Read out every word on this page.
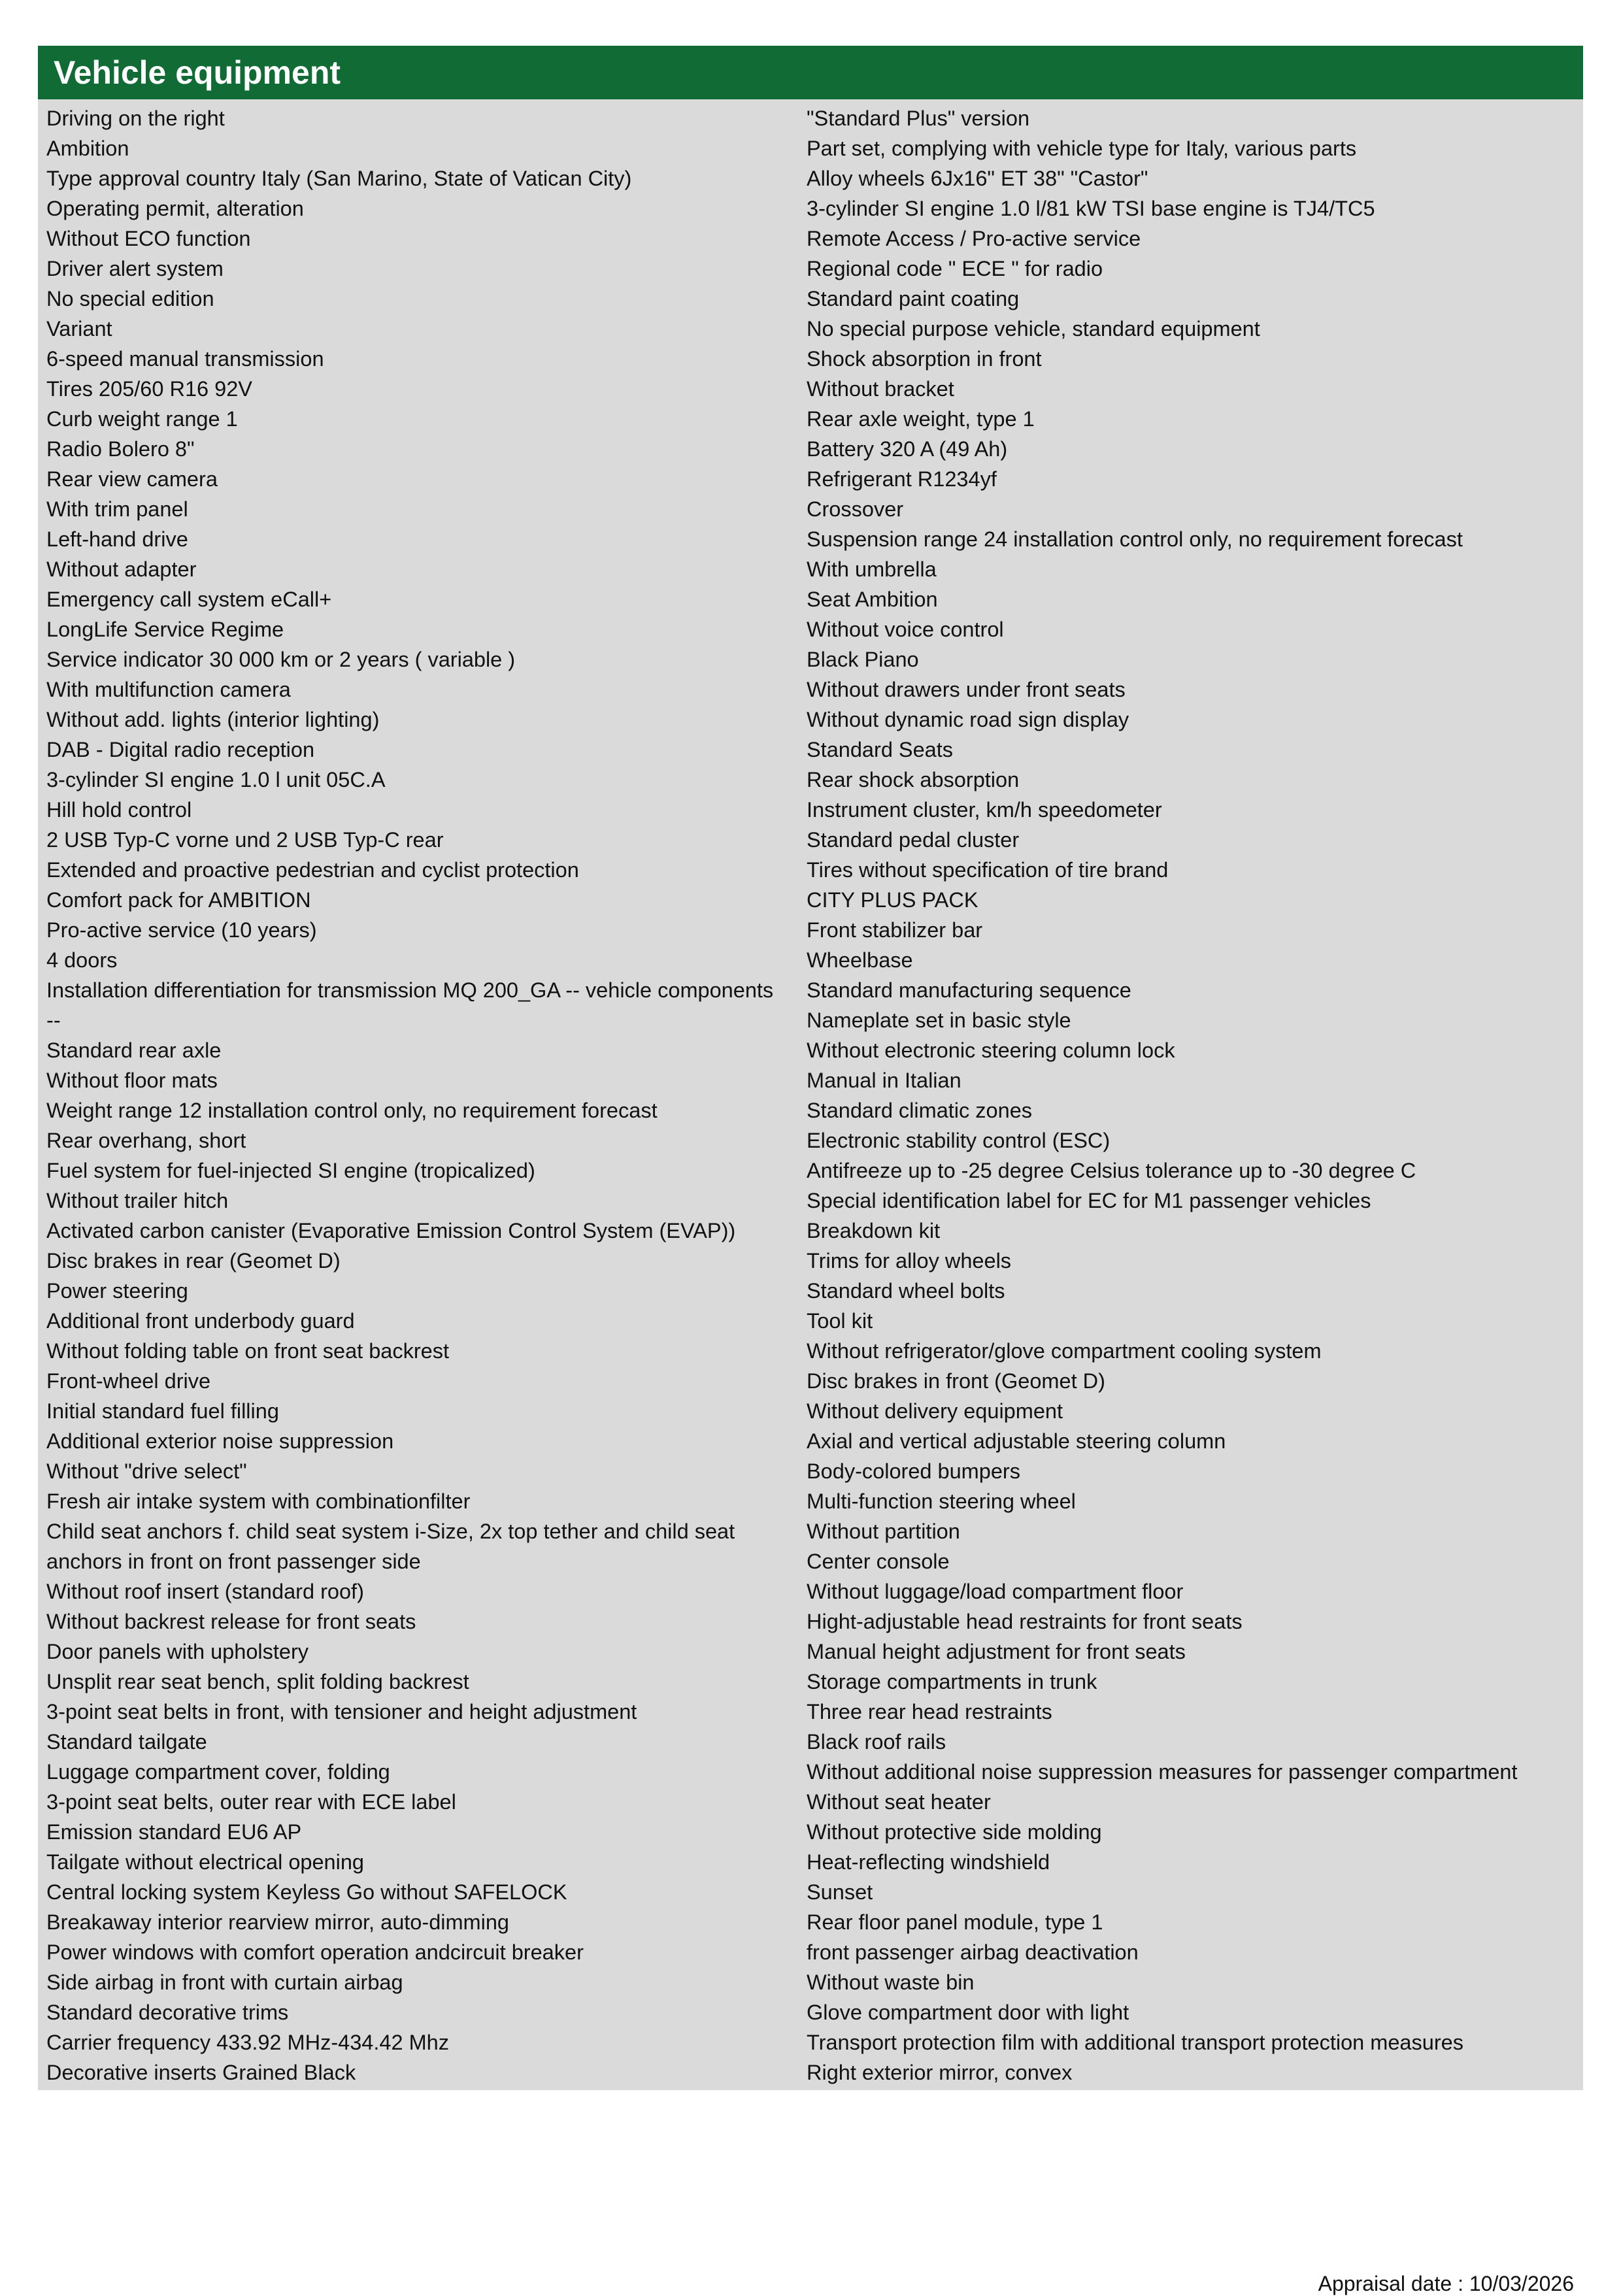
Vehicle equipment
Driving on the right
Ambition
Type approval country Italy (San Marino, State of Vatican City)
Operating permit, alteration
Without ECO function
Driver alert system
No special edition
Variant
6-speed manual transmission
Tires 205/60 R16 92V
Curb weight range 1
Radio Bolero 8"
Rear view camera
With trim panel
Left-hand drive
Without adapter
Emergency call system eCall+
LongLife Service Regime
Service indicator 30 000 km or 2 years ( variable )
With multifunction camera
Without add. lights (interior lighting)
DAB - Digital radio reception
3-cylinder SI engine 1.0 l unit 05C.A
Hill hold control
2 USB Typ-C vorne und 2 USB Typ-C rear
Extended and proactive pedestrian and cyclist protection
Comfort pack for AMBITION
Pro-active service (10 years)
4 doors
Installation differentiation for transmission MQ 200_GA -- vehicle components
--
Standard rear axle
Without floor mats
Weight range 12 installation control only, no requirement forecast
Rear overhang, short
Fuel system for fuel-injected SI engine (tropicalized)
Without trailer hitch
Activated carbon canister (Evaporative Emission Control System (EVAP))
Disc brakes in rear (Geomet D)
Power steering
Additional front underbody guard
Without folding table on front seat backrest
Front-wheel drive
Initial standard fuel filling
Additional exterior noise suppression
Without "drive select"
Fresh air intake system with combinationfilter
Child seat anchors f. child seat system i-Size, 2x top tether and child seat
anchors in front on front passenger side
Without roof insert (standard roof)
Without backrest release for front seats
Door panels with upholstery
Unsplit rear seat bench, split folding backrest
3-point seat belts in front, with tensioner and height adjustment
Standard tailgate
Luggage compartment cover, folding
3-point seat belts, outer rear with ECE label
Emission standard EU6 AP
Tailgate without electrical opening
Central locking system Keyless Go without SAFELOCK
Breakaway interior rearview mirror, auto-dimming
Power windows with comfort operation andcircuit breaker
Side airbag in front with curtain airbag
Standard decorative trims
Carrier frequency 433.92 MHz-434.42 Mhz
Decorative inserts Grained Black
"Standard Plus" version
Part set, complying with vehicle type for Italy, various parts
Alloy wheels 6Jx16" ET 38" "Castor"
3-cylinder SI engine 1.0 l/81 kW TSI base engine is TJ4/TC5
Remote Access / Pro-active service
Regional code " ECE " for radio
Standard paint coating
No special purpose vehicle, standard equipment
Shock absorption in front
Without bracket
Rear axle weight, type 1
Battery 320 A (49 Ah)
Refrigerant R1234yf
Crossover
Suspension range 24 installation control only, no requirement forecast
With umbrella
Seat Ambition
Without voice control
Black Piano
Without drawers under front seats
Without dynamic road sign display
Standard Seats
Rear shock absorption
Instrument cluster, km/h speedometer
Standard pedal cluster
Tires without specification of tire brand
CITY PLUS PACK
Front stabilizer bar
Wheelbase
Standard manufacturing sequence
Nameplate set in basic style
Without electronic steering column lock
Manual in Italian
Standard climatic zones
Electronic stability control (ESC)
Antifreeze up to -25 degree Celsius tolerance up to -30 degree C
Special identification label for EC for M1 passenger vehicles
Breakdown kit
Trims for alloy wheels
Standard wheel bolts
Tool kit
Without refrigerator/glove compartment cooling system
Disc brakes in front (Geomet D)
Without delivery equipment
Axial and vertical adjustable steering column
Body-colored bumpers
Multi-function steering wheel
Without partition
Center console
Without luggage/load compartment floor
Hight-adjustable head restraints for front seats
Manual height adjustment for front seats
Storage compartments in trunk
Three rear head restraints
Black roof rails
Without additional noise suppression measures for passenger compartment
Without seat heater
Without protective side molding
Heat-reflecting windshield
Sunset
Rear floor panel module, type 1
front passenger airbag deactivation
Without waste bin
Glove compartment door with light
Transport protection film with additional transport protection measures
Right exterior mirror, convex
Appraisal date : 10/03/2026
